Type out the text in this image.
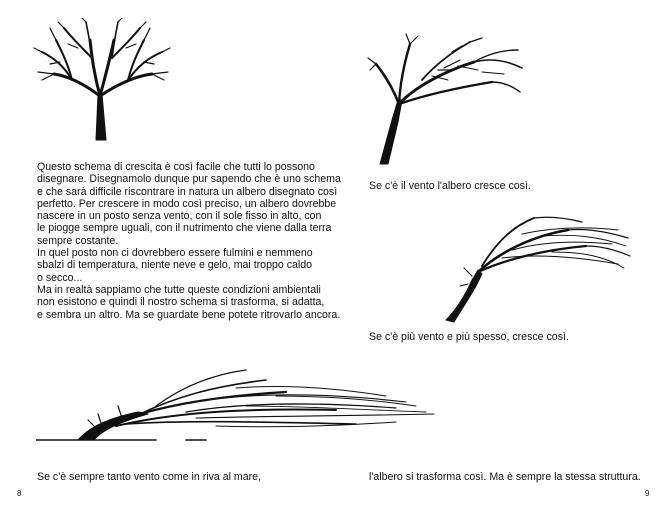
Questo schema di crescita è così facile che tutti lo possono

disegnare. Disegnamolo dunque pur sapendo che è uno schema

e che sarà difficile riscontrare in natura un albero disegnato così

perfetto. Per crescere in modo così preciso, un albero dovrebbe

nascere in un posto senza vento, con il sole fisso in alto, con

le piogge sempre uguali, con il nutrimento che viene dalla terra

sempre costante.

In quel posto non ci dovrebbero essere fulmini e nemmeno

sbalzi di temperatura, niente neve e gelo, mai troppo caldo

o secco...

Ma in realtà sappiamo che tutte queste condizioni ambientali

non esistono e quindi il nostro schema si trasforma, si adatta,

e sembra un altro. Ma se guardate bene potete ritrovarlo ancora.

Se c'è sempre tanto vento come in riva al mare,
8
Se c'è il vento l'albero cresce così.
Se c'è più vento e più spesso, cresce così.
l'albero si trasforma così. Ma è sempre la stessa struttura.
9
